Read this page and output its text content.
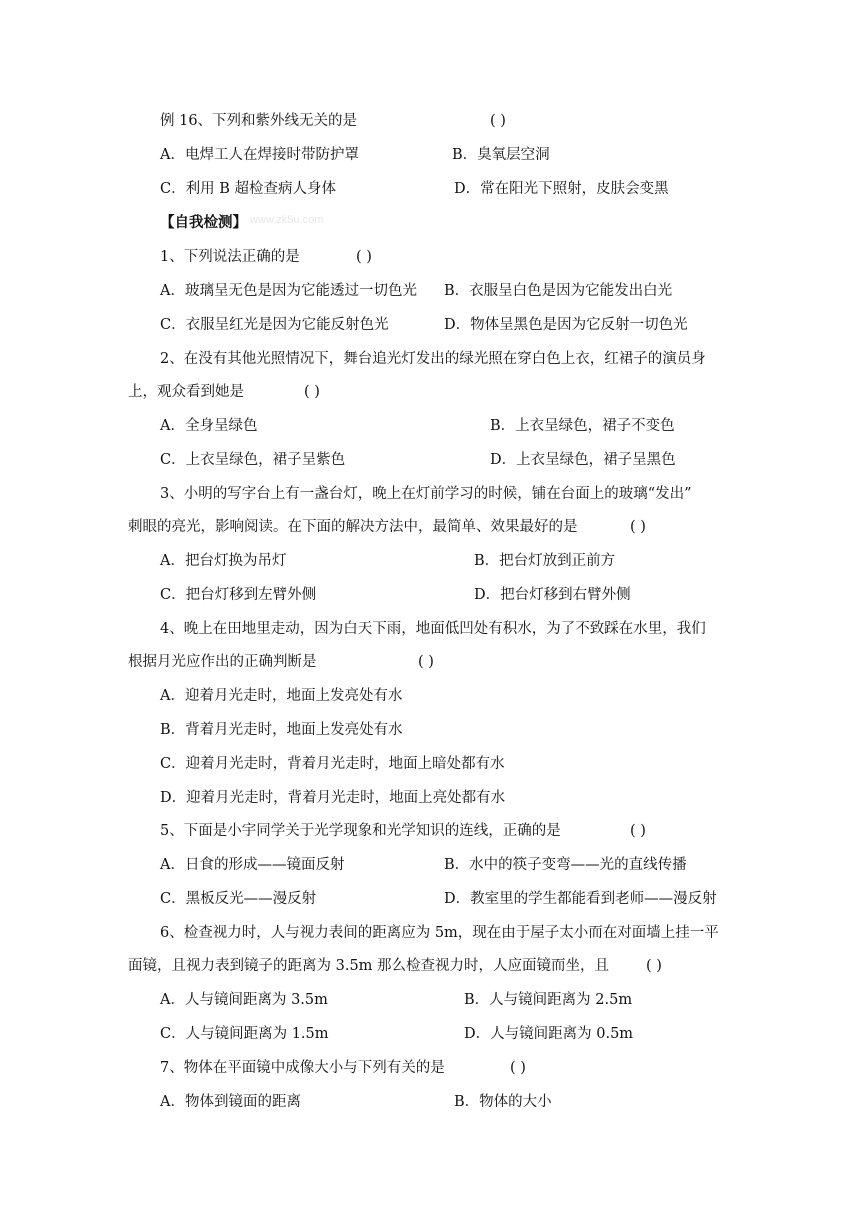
例 16、下列和紫外线无关的是	( )
A．电焊工人在焊接时带防护罩	B．臭氧层空洞
C．利用 B 超检查病人身体	D．常在阳光下照射，皮肤会变黑
【自我检测】 www.zk5u.com
1、下列说法正确的是	( )
A．玻璃呈无色是因为它能透过一切色光 B．衣服呈白色是因为它能发出白光
C．衣服呈红光是因为它能反射色光	D．物体呈黑色是因为它反射一切色光
2、在没有其他光照情况下，舞台追光灯发出的绿光照在穿白色上衣，红裙子的演员身
上，观众看到她是	( )
A．全身呈绿色	B．上衣呈绿色，裙子不变色
C．上衣呈绿色，裙子呈紫色	D．上衣呈绿色，裙子呈黑色
3、小明的写字台上有一盏台灯，晚上在灯前学习的时候，铺在台面上的玻璃“发出”
刺眼的亮光，影响阅读。在下面的解决方法中，最简单、效果最好的是	( )
A．把台灯换为吊灯	B．把台灯放到正前方
C．把台灯移到左臂外侧	D．把台灯移到右臂外侧
4、晚上在田地里走动，因为白天下雨，地面低凹处有积水，为了不致踩在水里，我们
根据月光应作出的正确判断是	( )
A．迎着月光走时，地面上发亮处有水
B．背着月光走时，地面上发亮处有水
C．迎着月光走时，背着月光走时，地面上暗处都有水
D．迎着月光走时，背着月光走时，地面上亮处都有水
5、下面是小宇同学关于光学现象和光学知识的连线，正确的是	( )
A．日食的形成——镜面反射	B．水中的筷子变弯——光的直线传播
C．黑板反光——漫反射	D．教室里的学生都能看到老师——漫反射
6、检查视力时，人与视力表间的距离应为 5m，现在由于屋子太小而在对面墙上挂一平
面镜，且视力表到镜子的距离为 3.5m 那么检查视力时，人应面镜而坐，且	( )
A．人与镜间距离为 3.5m	B．人与镜间距离为 2.5m
C．人与镜间距离为 1.5m	D．人与镜间距离为 0.5m
7、物体在平面镜中成像大小与下列有关的是	( )
A．物体到镜面的距离	B．物体的大小
